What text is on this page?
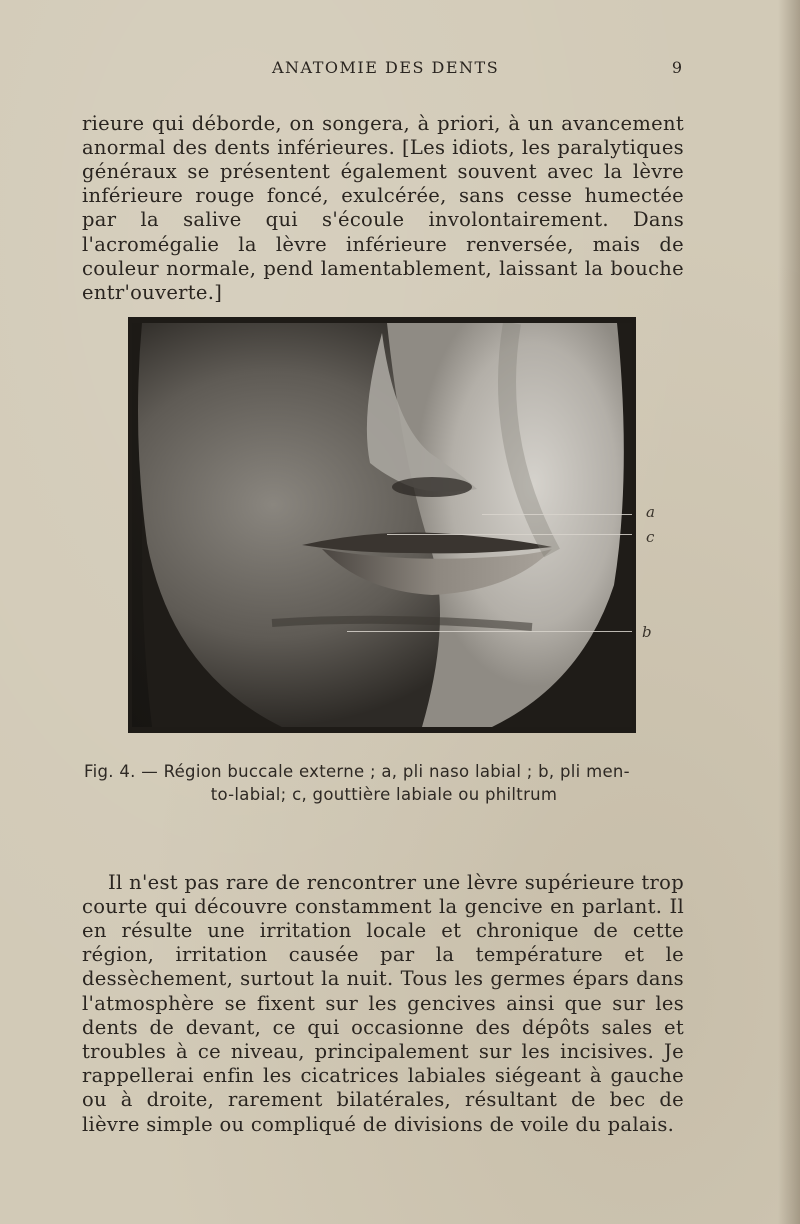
ANATOMIE DES DENTS	9

rieure qui déborde, on songera, à priori, à un avancement anormal des dents inférieures. [Les idiots, les paralytiques généraux se présentent également souvent avec la lèvre inférieure rouge foncé, exulcérée, sans cesse humectée par la salive qui s'écoule involontairement. Dans l'acromégalie la lèvre inférieure renversée, mais de couleur normale, pend lamentablement, laissant la bouche entr'ouverte.]

a
c
b
Fig. 4. — Région buccale externe ; a, pli naso labial ; b, pli men-
to-labial; c, gouttière labiale ou philtrum

Il n'est pas rare de rencontrer une lèvre supérieure trop courte qui découvre constamment la gencive en parlant. Il en résulte une irritation locale et chronique de cette région, irritation causée par la température et le dessèchement, surtout la nuit. Tous les germes épars dans l'atmosphère se fixent sur les gencives ainsi que sur les dents de devant, ce qui occasionne des dépôts sales et troubles à ce niveau, principalement sur les incisives. Je rappellerai enfin les cicatrices labiales siégeant à gauche ou à droite, rarement bilatérales, résultant de bec de lièvre simple ou compliqué de divisions de voile du palais.
